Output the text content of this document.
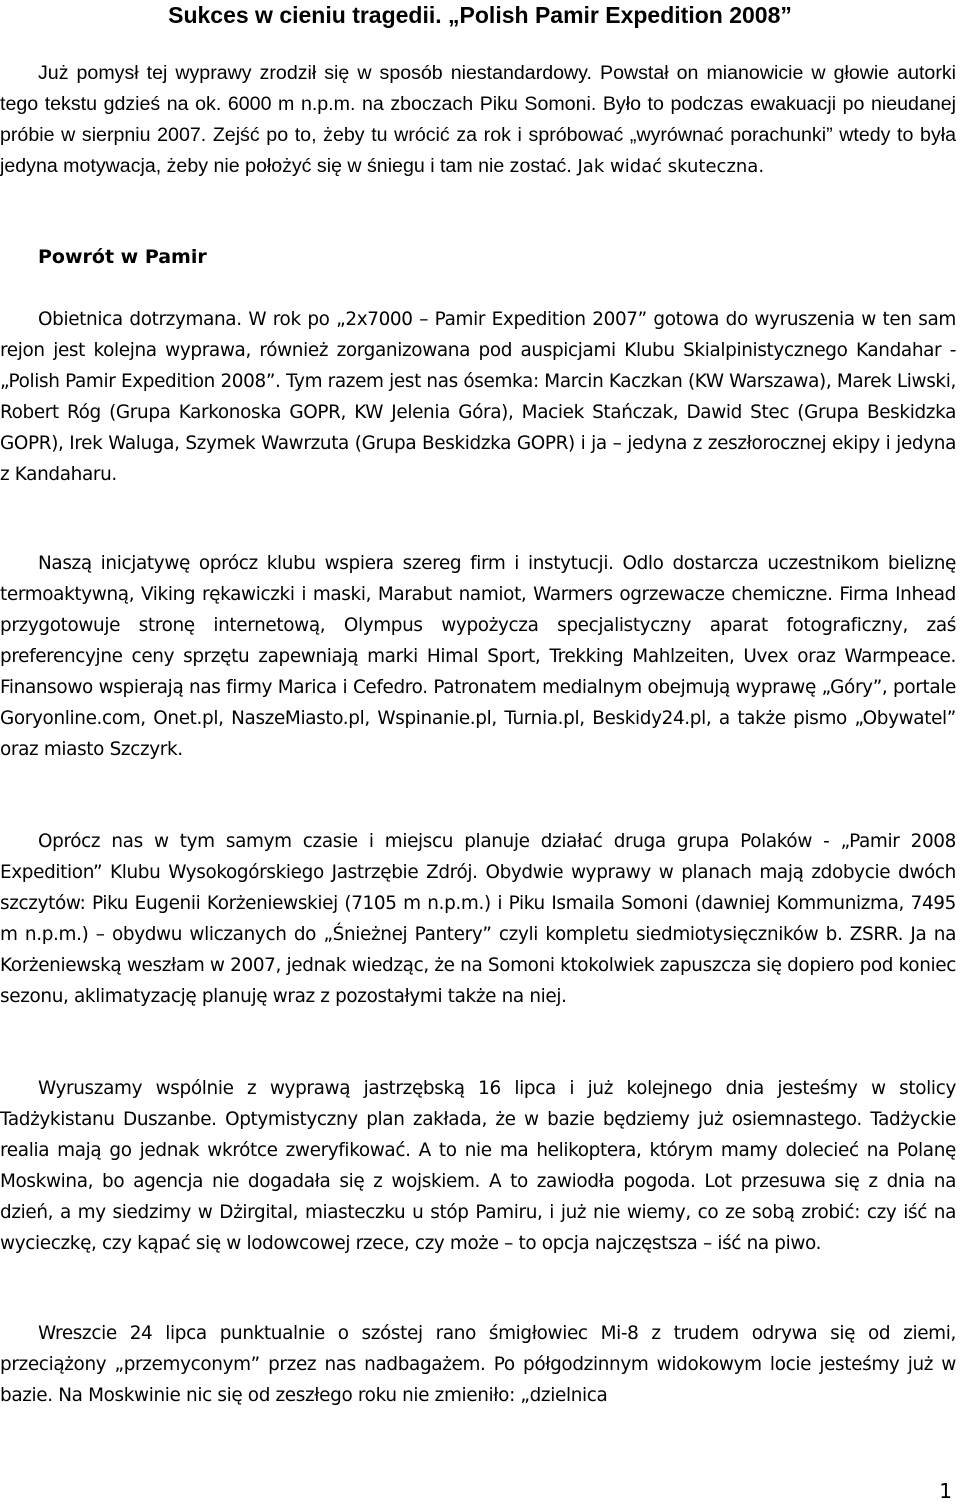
Sukces w cieniu tragedii. „Polish Pamir Expedition 2008”

Już pomysł tej wyprawy zrodził się w sposób niestandardowy. Powstał on mianowicie w głowie autorki tego tekstu gdzieś na ok. 6000 m n.p.m. na zboczach Piku Somoni. Było to podczas ewakuacji po nieudanej próbie w sierpniu 2007. Zejść po to, żeby tu wrócić za rok i spróbować „wyrównać porachunki” wtedy to była jedyna motywacja, żeby nie położyć się w śniegu i tam nie zostać. Jak widać skuteczna.

Powrót w Pamir

Obietnica dotrzymana. W rok po „2x7000 – Pamir Expedition 2007” gotowa do wyruszenia w ten sam rejon jest kolejna wyprawa, również zorganizowana pod auspicjami Klubu Skialpinistycznego Kandahar - „Polish Pamir Expedition 2008”. Tym razem jest nas ósemka: Marcin Kaczkan (KW Warszawa), Marek Liwski, Robert Róg (Grupa Karkonoska GOPR, KW Jelenia Góra), Maciek Stańczak, Dawid Stec (Grupa Beskidzka GOPR), Irek Waluga, Szymek Wawrzuta (Grupa Beskidzka GOPR) i ja – jedyna z zeszłorocznej ekipy i jedyna z Kandaharu.

Naszą inicjatywę oprócz klubu wspiera szereg firm i instytucji. Odlo dostarcza uczestnikom bieliznę termoaktywną, Viking rękawiczki i maski, Marabut namiot, Warmers ogrzewacze chemiczne. Firma Inhead przygotowuje stronę internetową, Olympus wypożycza specjalistyczny aparat fotograficzny, zaś preferencyjne ceny sprzętu zapewniają marki Himal Sport, Trekking Mahlzeiten, Uvex oraz Warmpeace. Finansowo wspierają nas firmy Marica i Cefedro. Patronatem medialnym obejmują wyprawę „Góry”, portale Goryonline.com, Onet.pl, NaszeMiasto.pl, Wspinanie.pl, Turnia.pl, Beskidy24.pl, a także pismo „Obywatel” oraz miasto Szczyrk.

Oprócz nas w tym samym czasie i miejscu planuje działać druga grupa Polaków - „Pamir 2008 Expedition” Klubu Wysokogórskiego Jastrzębie Zdrój. Obydwie wyprawy w planach mają zdobycie dwóch szczytów: Piku Eugenii Korżeniewskiej (7105 m n.p.m.) i Piku Ismaila Somoni (dawniej Kommunizma, 7495 m n.p.m.) – obydwu wliczanych do „Śnieżnej Pantery” czyli kompletu siedmiotysięczników b. ZSRR. Ja na Korżeniewską weszłam w 2007, jednak wiedząc, że na Somoni ktokolwiek zapuszcza się dopiero pod koniec sezonu, aklimatyzację planuję wraz z pozostałymi także na niej.

Wyruszamy wspólnie z wyprawą jastrzębską 16 lipca i już kolejnego dnia jesteśmy w stolicy Tadżykistanu Duszanbe. Optymistyczny plan zakłada, że w bazie będziemy już osiemnastego. Tadżyckie realia mają go jednak wkrótce zweryfikować. A to nie ma helikoptera, którym mamy dolecieć na Polanę Moskwina, bo agencja nie dogadała się z wojskiem. A to zawiodła pogoda. Lot przesuwa się z dnia na dzień, a my siedzimy w Dżirgital, miasteczku u stóp Pamiru, i już nie wiemy, co ze sobą zrobić: czy iść na wycieczkę, czy kąpać się w lodowcowej rzece, czy może – to opcja najczęstsza – iść na piwo.

Wreszcie 24 lipca punktualnie o szóstej rano śmigłowiec Mi-8 z trudem odrywa się od ziemi, przeciążony „przemyconym” przez nas nadbagażem. Po półgodzinnym widokowym locie jesteśmy już w bazie. Na Moskwinie nic się od zeszłego roku nie zmieniło: „dzielnica

1
